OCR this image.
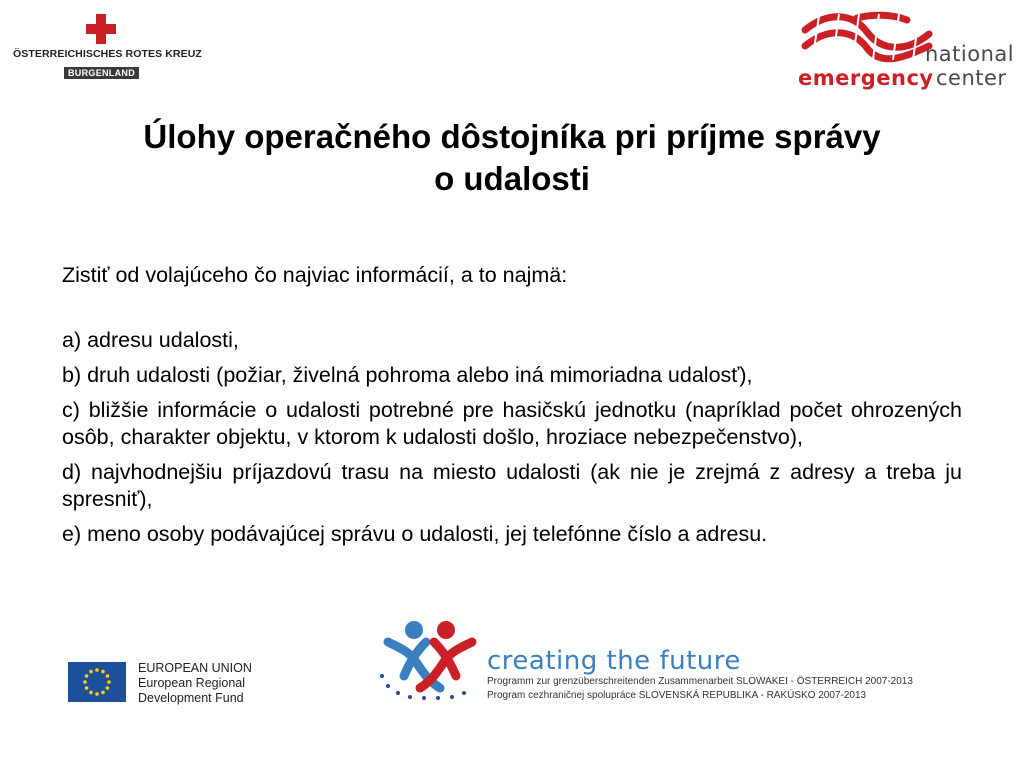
ÖSTERREICHISCHES ROTES KREUZ
BURGENLAND
national
emergency center
Úlohy operačného dôstojníka pri príjme správy
o udalosti

Zistiť od volajúceho čo najviac informácií, a to najmä:

a) adresu udalosti,

b) druh udalosti (požiar, živelná pohroma alebo iná mimoriadna udalosť),

c) bližšie informácie o udalosti potrebné pre hasičskú jednotku (napríklad počet ohrozených osôb, charakter objektu, v ktorom k udalosti došlo, hroziace nebezpečenstvo),

d) najvhodnejšiu príjazdovú trasu na miesto udalosti (ak nie je zrejmá z adresy a treba ju spresniť),

e) meno osoby podávajúcej správu o udalosti, jej telefónne číslo a adresu.

EUROPEAN UNION
European Regional
Development Fund
creating the future
Programm zur grenzüberschreitenden Zusammenarbeit SLOWAKEI - ÖSTERREICH 2007-2013
Program cezhraničnej spolupráce SLOVENSKÁ REPUBLIKA - RAKÚSKO 2007-2013
